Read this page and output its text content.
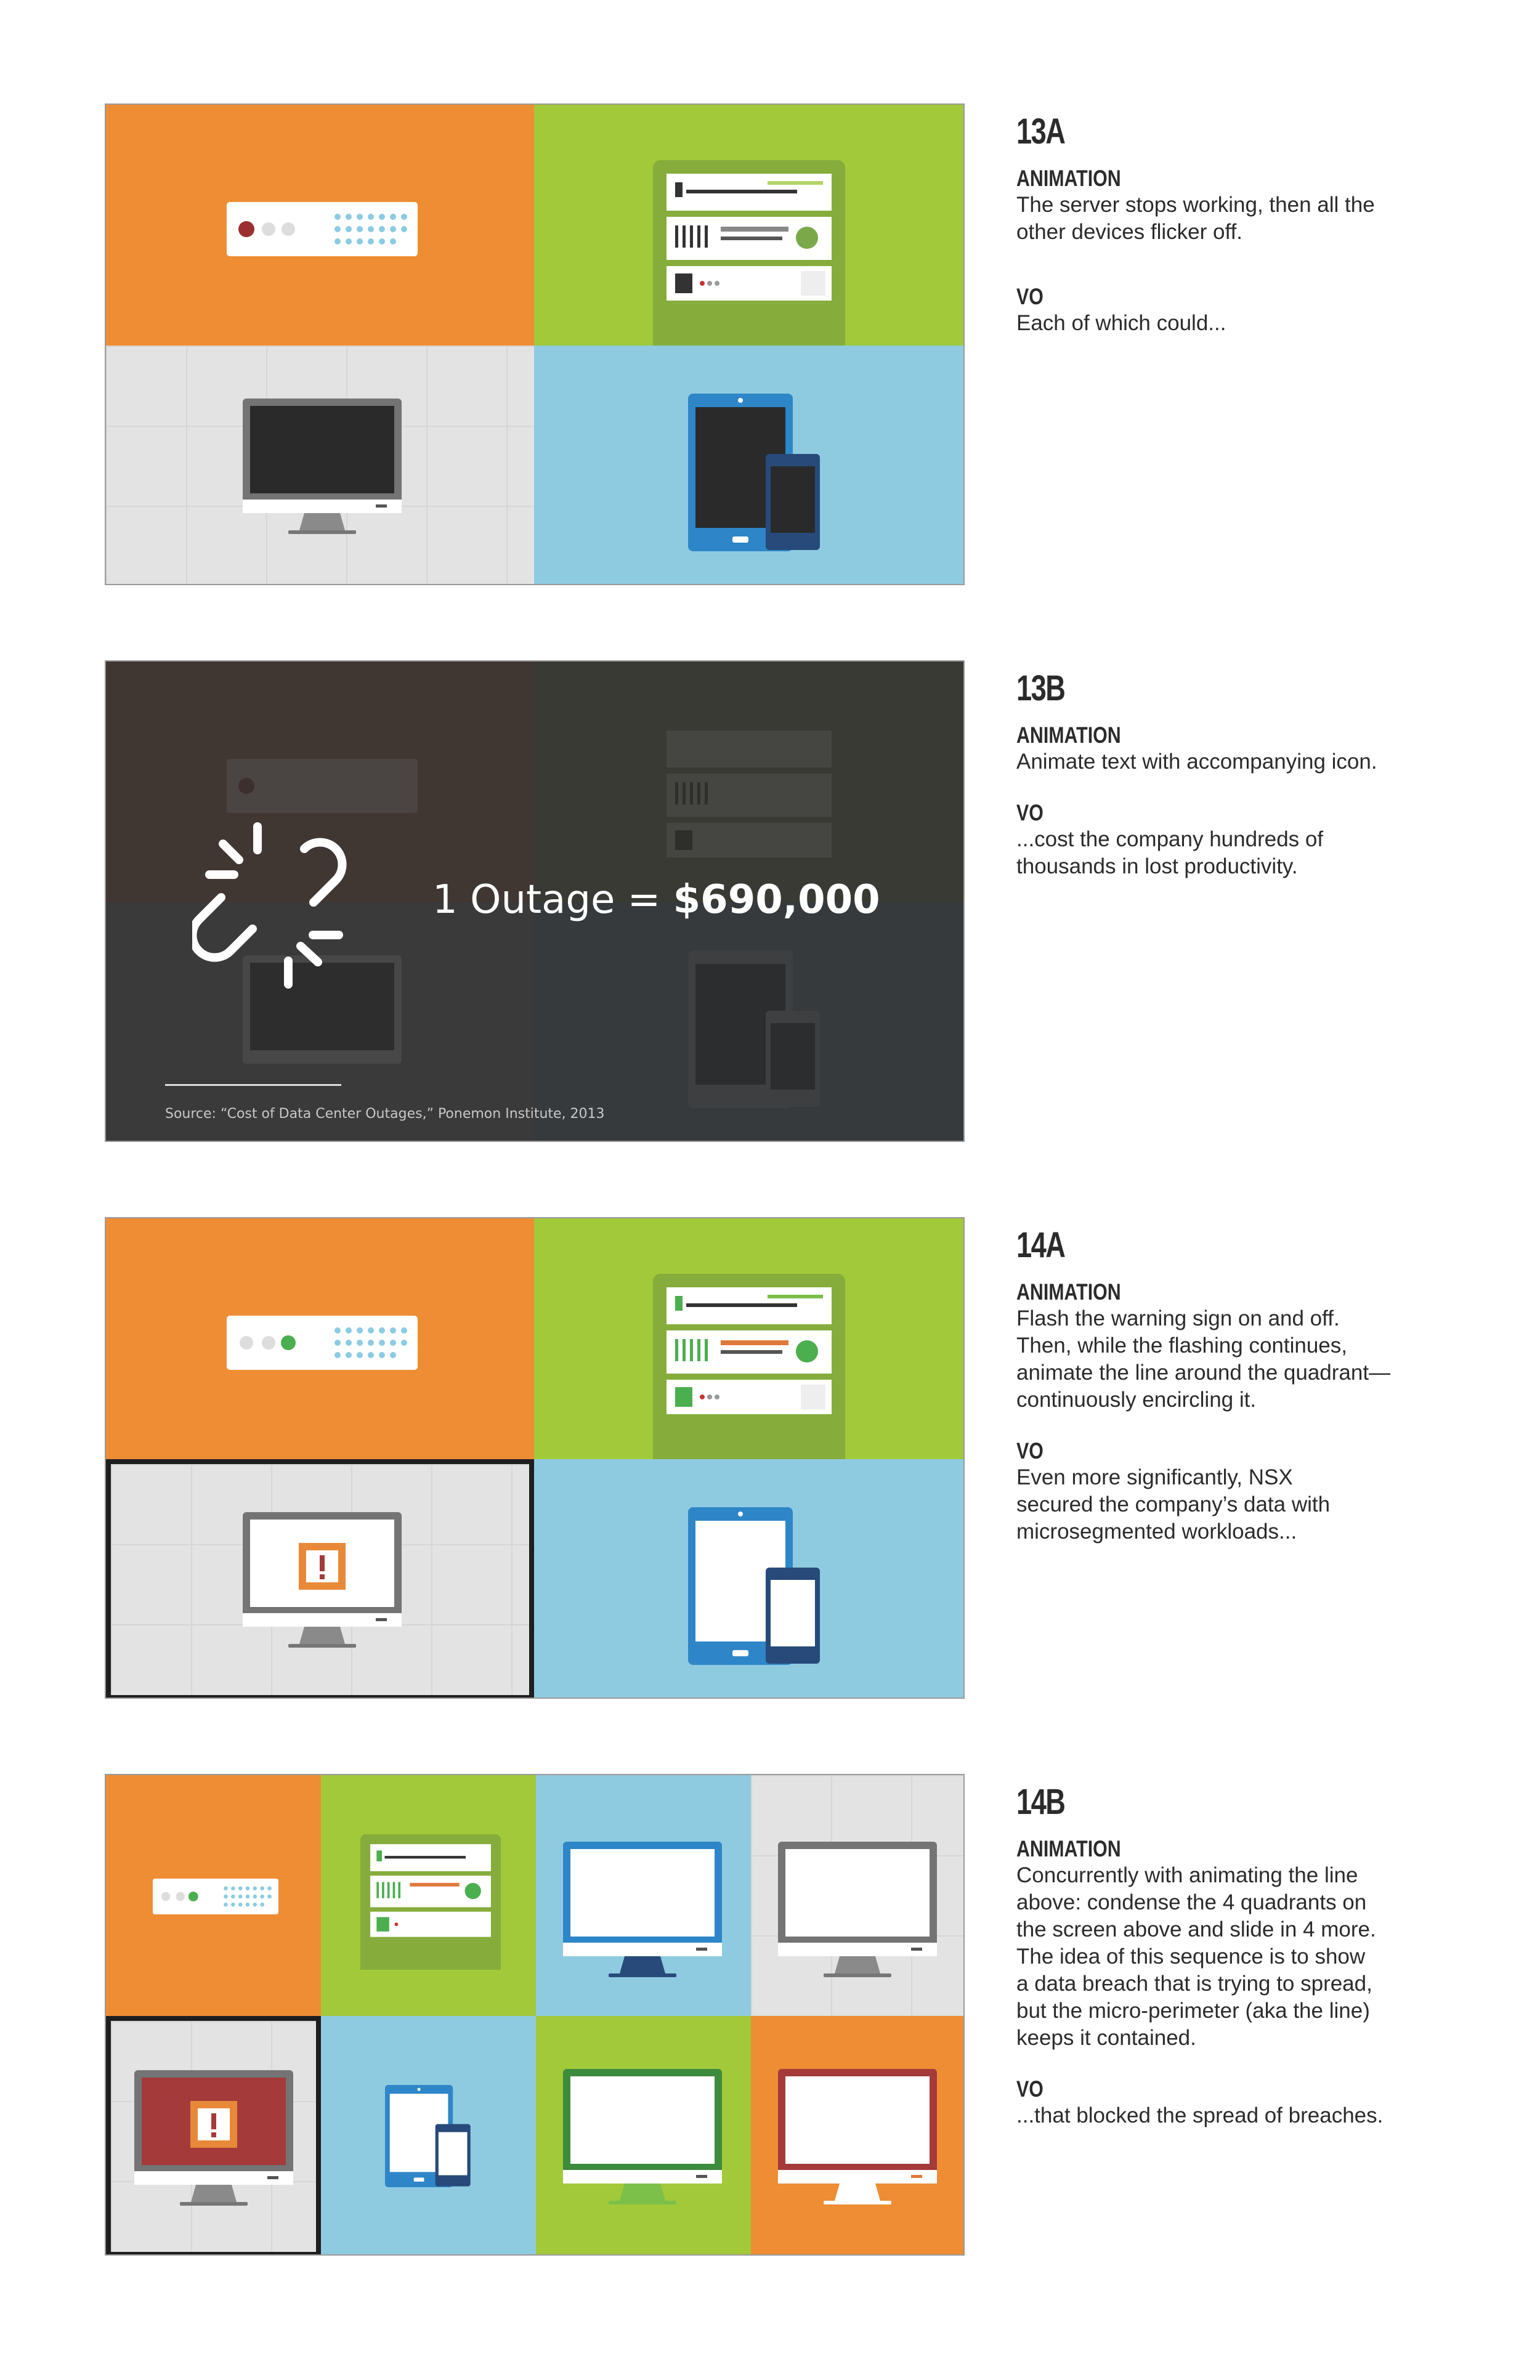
13A
ANIMATION
The server stops working, then all the
other devices flicker off.
VO
Each of which could...
1 Outage = $690,000
Source: “Cost of Data Center Outages,” Ponemon Institute, 2013
13B
ANIMATION
Animate text with accompanying icon.
VO
...cost the company hundreds of
thousands in lost productivity.
14A
ANIMATION
Flash the warning sign on and off.
Then, while the flashing continues,
animate the line around the quadrant—
continuously encircling it.
VO
Even more significantly, NSX
secured the company’s data with
microsegmented workloads...
14B
ANIMATION
Concurrently with animating the line
above: condense the 4 quadrants on
the screen above and slide in 4 more.
The idea of this sequence is to show
a data breach that is trying to spread,
but the micro-perimeter (aka the line)
keeps it contained.
VO
...that blocked the spread of breaches.
